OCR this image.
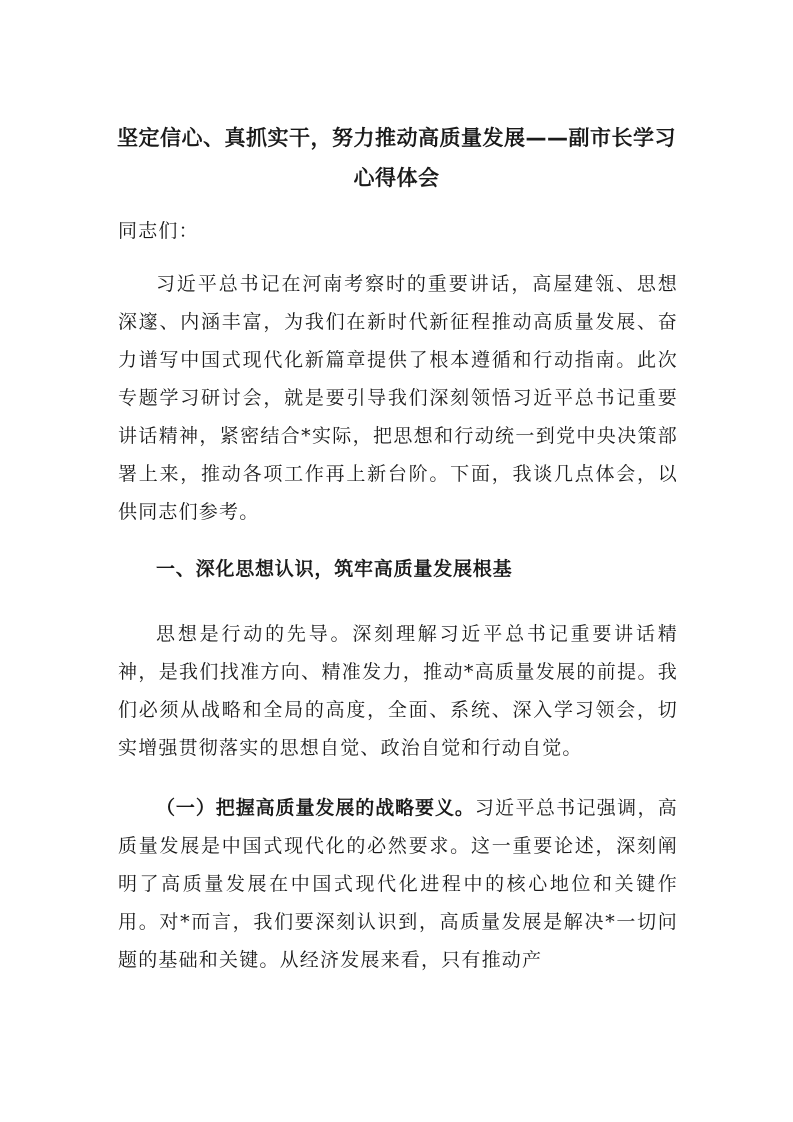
坚定信心、真抓实干，努力推动高质量发展——副市长学习心得体会
同志们：
习近平总书记在河南考察时的重要讲话，高屋建瓴、思想深邃、内涵丰富，为我们在新时代新征程推动高质量发展、奋力谱写中国式现代化新篇章提供了根本遵循和行动指南。此次专题学习研讨会，就是要引导我们深刻领悟习近平总书记重要讲话精神，紧密结合*实际，把思想和行动统一到党中央决策部署上来，推动各项工作再上新台阶。下面，我谈几点体会，以供同志们参考。
一、深化思想认识，筑牢高质量发展根基
思想是行动的先导。深刻理解习近平总书记重要讲话精神，是我们找准方向、精准发力，推动*高质量发展的前提。我们必须从战略和全局的高度，全面、系统、深入学习领会，切实增强贯彻落实的思想自觉、政治自觉和行动自觉。
（一）把握高质量发展的战略要义。习近平总书记强调，高质量发展是中国式现代化的必然要求。这一重要论述，深刻阐明了高质量发展在中国式现代化进程中的核心地位和关键作用。对*而言，我们要深刻认识到，高质量发展是解决*一切问题的基础和关键。从经济发展来看，只有推动产
